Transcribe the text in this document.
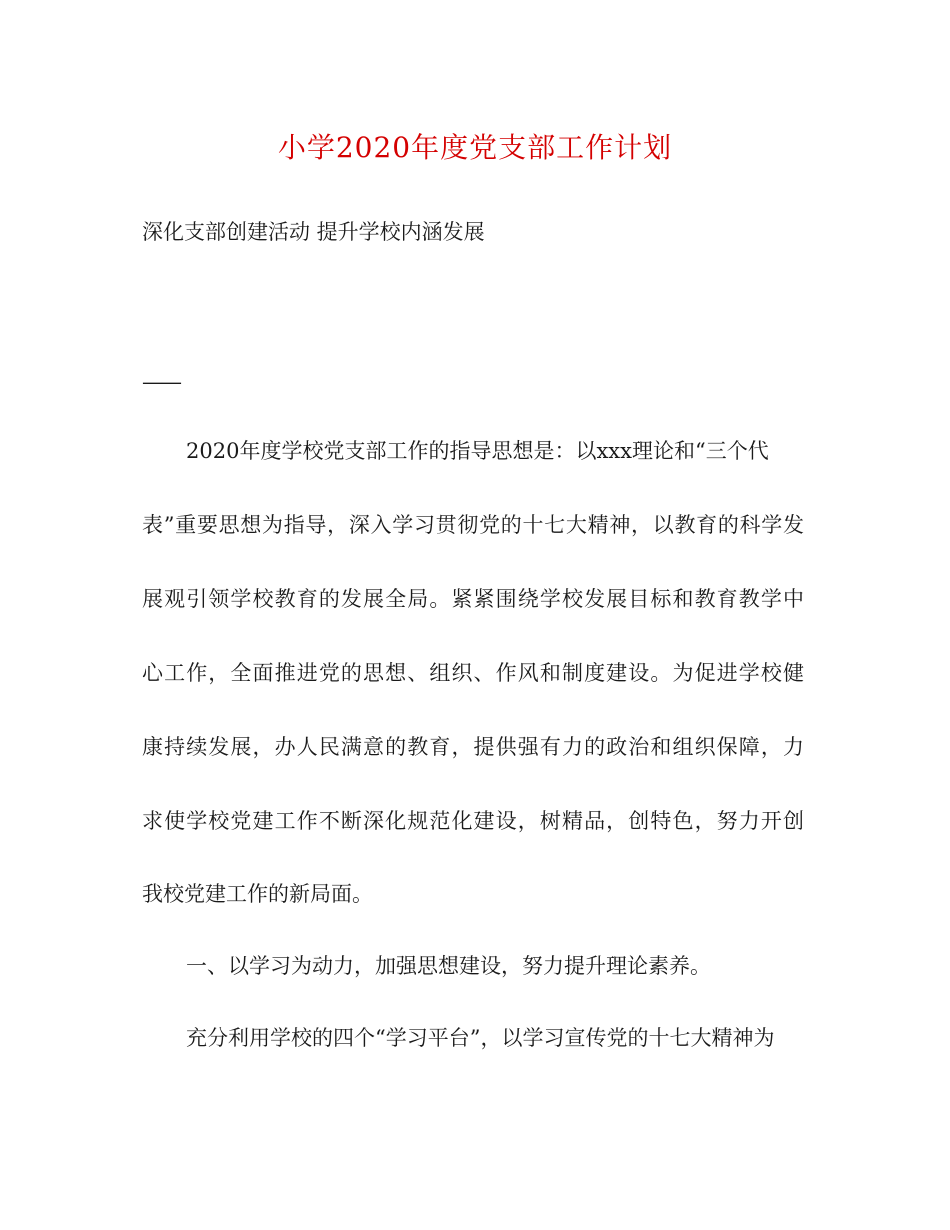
小学2020年度党支部工作计划
深化支部创建活动 提升学校内涵发展
——
2020年度学校党支部工作的指导思想是：以xxx理论和“三个代
表”重要思想为指导，深入学习贯彻党的十七大精神，以教育的科学发
展观引领学校教育的发展全局。紧紧围绕学校发展目标和教育教学中
心工作，全面推进党的思想、组织、作风和制度建设。为促进学校健
康持续发展，办人民满意的教育，提供强有力的政治和组织保障，力
求使学校党建工作不断深化规范化建设，树精品，创特色，努力开创
我校党建工作的新局面。
一、以学习为动力，加强思想建设，努力提升理论素养。
充分利用学校的四个“学习平台”，以学习宣传党的十七大精神为
